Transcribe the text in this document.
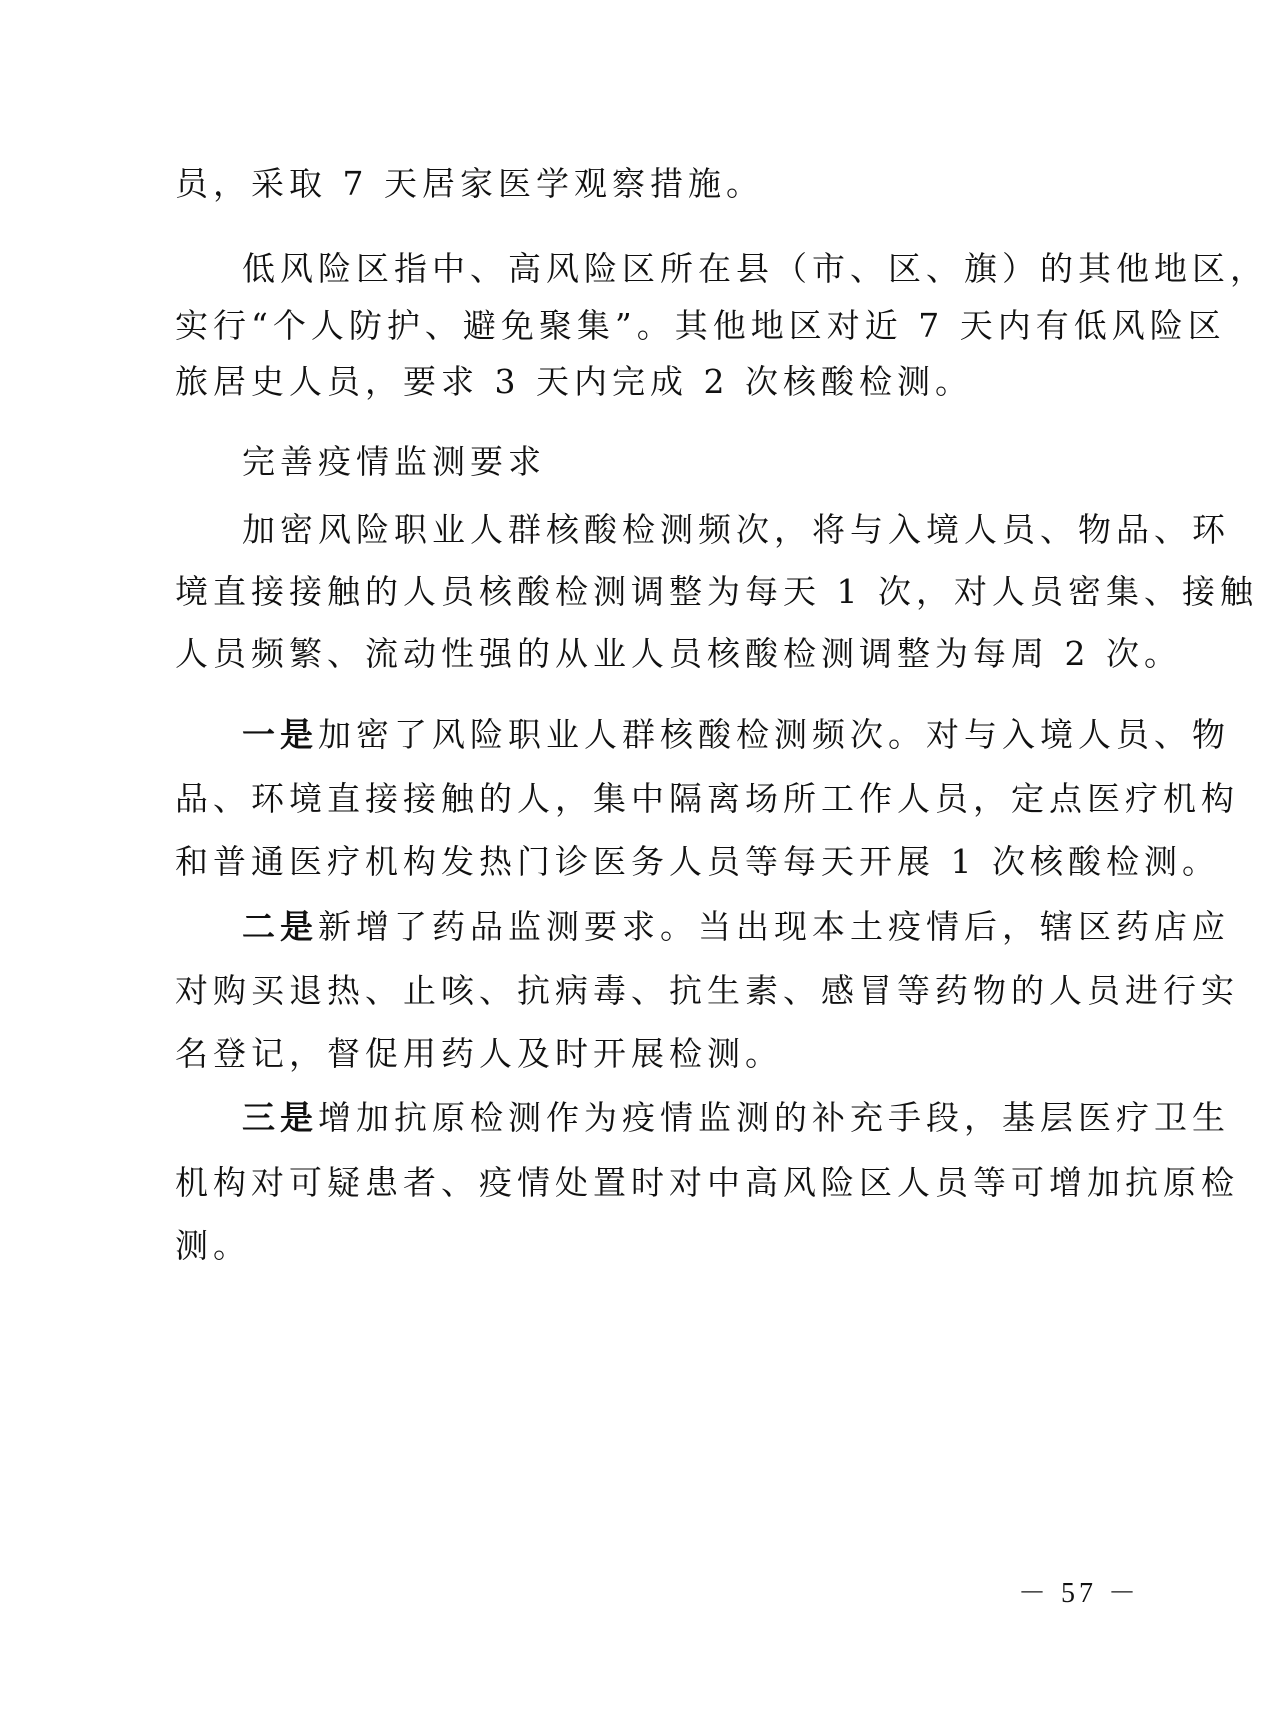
员，采取 7 天居家医学观察措施。
低风险区指中、高风险区所在县（市、区、旗）的其他地区，
实行“个人防护、避免聚集”。其他地区对近 7 天内有低风险区
旅居史人员，要求 3 天内完成 2 次核酸检测。
完善疫情监测要求
加密风险职业人群核酸检测频次，将与入境人员、物品、环
境直接接触的人员核酸检测调整为每天 1 次，对人员密集、接触
人员频繁、流动性强的从业人员核酸检测调整为每周 2 次。
一是加密了风险职业人群核酸检测频次。对与入境人员、物
品、环境直接接触的人，集中隔离场所工作人员，定点医疗机构
和普通医疗机构发热门诊医务人员等每天开展 1 次核酸检测。
二是新增了药品监测要求。当出现本土疫情后，辖区药店应
对购买退热、止咳、抗病毒、抗生素、感冒等药物的人员进行实
名登记，督促用药人及时开展检测。
三是增加抗原检测作为疫情监测的补充手段，基层医疗卫生
机构对可疑患者、疫情处置时对中高风险区人员等可增加抗原检
测。
－ 57 －
